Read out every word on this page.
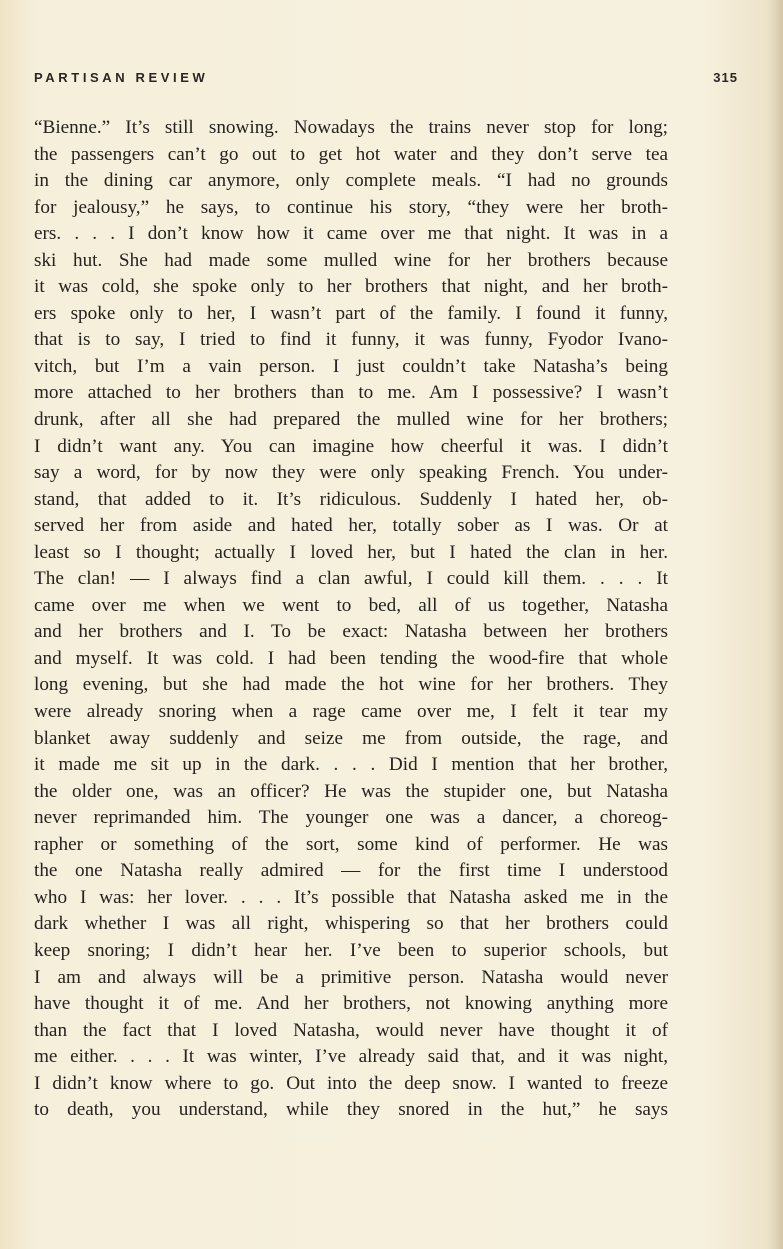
PARTISAN REVIEW	315
“Bienne.” It’s still snowing. Nowadays the trains never stop for long;
the passengers can’t go out to get hot water and they don’t serve tea
in the dining car anymore, only complete meals. “I had no grounds
for jealousy,” he says, to continue his story, “they were her broth-
ers. . . . I don’t know how it came over me that night. It was in a
ski hut. She had made some mulled wine for her brothers because
it was cold, she spoke only to her brothers that night, and her broth-
ers spoke only to her, I wasn’t part of the family. I found it funny,
that is to say, I tried to find it funny, it was funny, Fyodor Ivano-
vitch, but I’m a vain person. I just couldn’t take Natasha’s being
more attached to her brothers than to me. Am I possessive? I wasn’t
drunk, after all she had prepared the mulled wine for her brothers;
I didn’t want any. You can imagine how cheerful it was. I didn’t
say a word, for by now they were only speaking French. You under-
stand, that added to it. It’s ridiculous. Suddenly I hated her, ob-
served her from aside and hated her, totally sober as I was. Or at
least so I thought; actually I loved her, but I hated the clan in her.
The clan! — I always find a clan awful, I could kill them. . . . It
came over me when we went to bed, all of us together, Natasha
and her brothers and I. To be exact: Natasha between her brothers
and myself. It was cold. I had been tending the wood-fire that whole
long evening, but she had made the hot wine for her brothers. They
were already snoring when a rage came over me, I felt it tear my
blanket away suddenly and seize me from outside, the rage, and
it made me sit up in the dark. . . . Did I mention that her brother,
the older one, was an officer? He was the stupider one, but Natasha
never reprimanded him. The younger one was a dancer, a choreog-
rapher or something of the sort, some kind of performer. He was
the one Natasha really admired — for the first time I understood
who I was: her lover. . . . It’s possible that Natasha asked me in the
dark whether I was all right, whispering so that her brothers could
keep snoring; I didn’t hear her. I’ve been to superior schools, but
I am and always will be a primitive person. Natasha would never
have thought it of me. And her brothers, not knowing anything more
than the fact that I loved Natasha, would never have thought it of
me either. . . . It was winter, I’ve already said that, and it was night,
I didn’t know where to go. Out into the deep snow. I wanted to freeze
to death, you understand, while they snored in the hut,” he says
